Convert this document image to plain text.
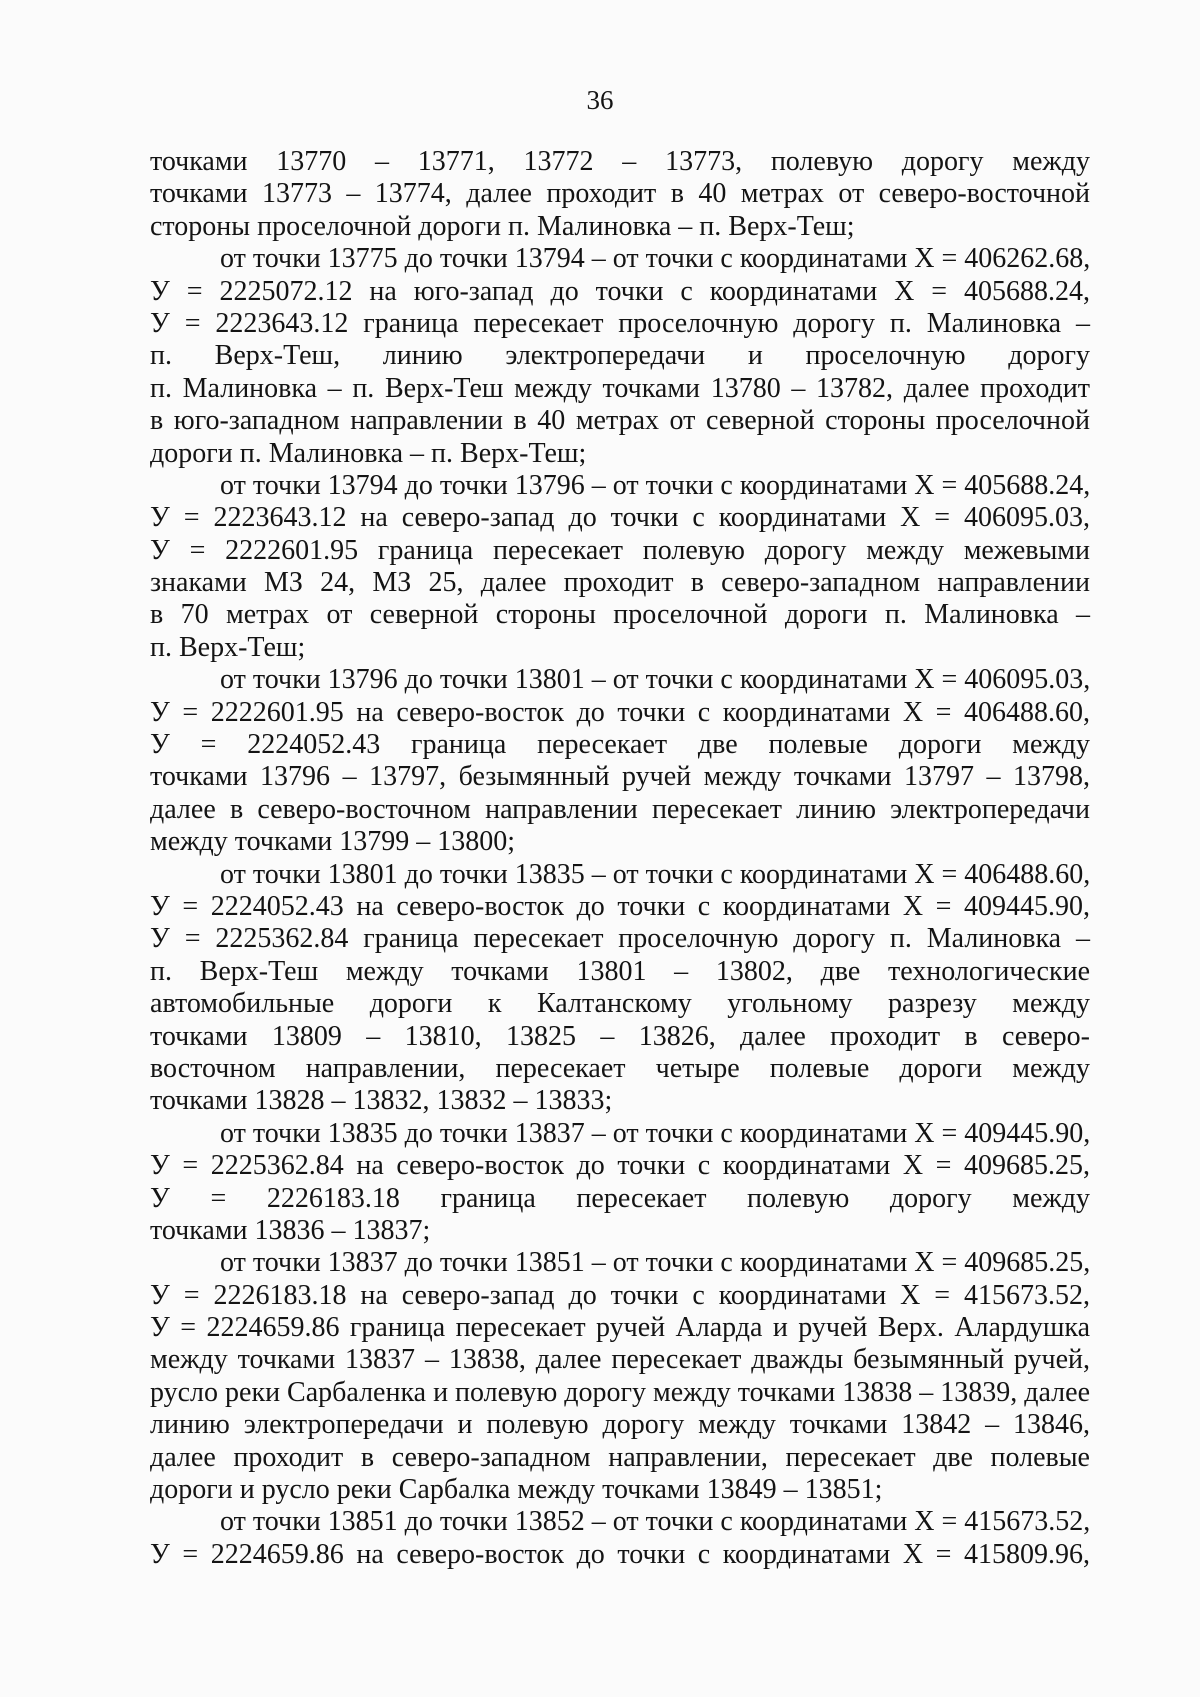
36
точками 13770 – 13771, 13772 – 13773, полевую дорогу между
точками 13773 – 13774, далее проходит в 40 метрах от северо-восточной
стороны проселочной дороги п. Малиновка – п. Верх-Теш;
от точки 13775 до точки 13794 – от точки с координатами Х = 406262.68,
У = 2225072.12 на юго-запад до точки с координатами Х = 405688.24,
У = 2223643.12 граница пересекает проселочную дорогу п. Малиновка –
п. Верх-Теш, линию электропередачи и проселочную дорогу
п. Малиновка – п. Верх-Теш между точками 13780 – 13782, далее проходит
в юго-западном направлении в 40 метрах от северной стороны проселочной
дороги п. Малиновка – п. Верх-Теш;
от точки 13794 до точки 13796 – от точки с координатами Х = 405688.24,
У = 2223643.12 на северо-запад до точки с координатами Х = 406095.03,
У = 2222601.95 граница пересекает полевую дорогу между межевыми
знаками МЗ 24, МЗ 25, далее проходит в северо-западном направлении
в 70 метрах от северной стороны проселочной дороги п. Малиновка –
п. Верх-Теш;
от точки 13796 до точки 13801 – от точки с координатами Х = 406095.03,
У = 2222601.95 на северо-восток до точки с координатами Х = 406488.60,
У = 2224052.43 граница пересекает две полевые дороги между
точками 13796 – 13797, безымянный ручей между точками 13797 – 13798,
далее в северо-восточном направлении пересекает линию электропередачи
между точками 13799 – 13800;
от точки 13801 до точки 13835 – от точки с координатами Х = 406488.60,
У = 2224052.43 на северо-восток до точки с координатами Х = 409445.90,
У = 2225362.84 граница пересекает проселочную дорогу п. Малиновка –
п. Верх-Теш между точками 13801 – 13802, две технологические
автомобильные дороги к Калтанскому угольному разрезу между
точками 13809 – 13810, 13825 – 13826, далее проходит в северо-
восточном направлении, пересекает четыре полевые дороги между
точками 13828 – 13832, 13832 – 13833;
от точки 13835 до точки 13837 – от точки с координатами Х = 409445.90,
У = 2225362.84 на северо-восток до точки с координатами Х = 409685.25,
У = 2226183.18 граница пересекает полевую дорогу между
точками 13836 – 13837;
от точки 13837 до точки 13851 – от точки с координатами Х = 409685.25,
У = 2226183.18 на северо-запад до точки с координатами Х = 415673.52,
У = 2224659.86 граница пересекает ручей Аларда и ручей Верх. Алардушка
между точками 13837 – 13838, далее пересекает дважды безымянный ручей,
русло реки Сарбаленка и полевую дорогу между точками 13838 – 13839, далее
линию электропередачи и полевую дорогу между точками 13842 – 13846,
далее проходит в северо-западном направлении, пересекает две полевые
дороги и русло реки Сарбалка между точками 13849 – 13851;
от точки 13851 до точки 13852 – от точки с координатами Х = 415673.52,
У = 2224659.86 на северо-восток до точки с координатами Х = 415809.96,
